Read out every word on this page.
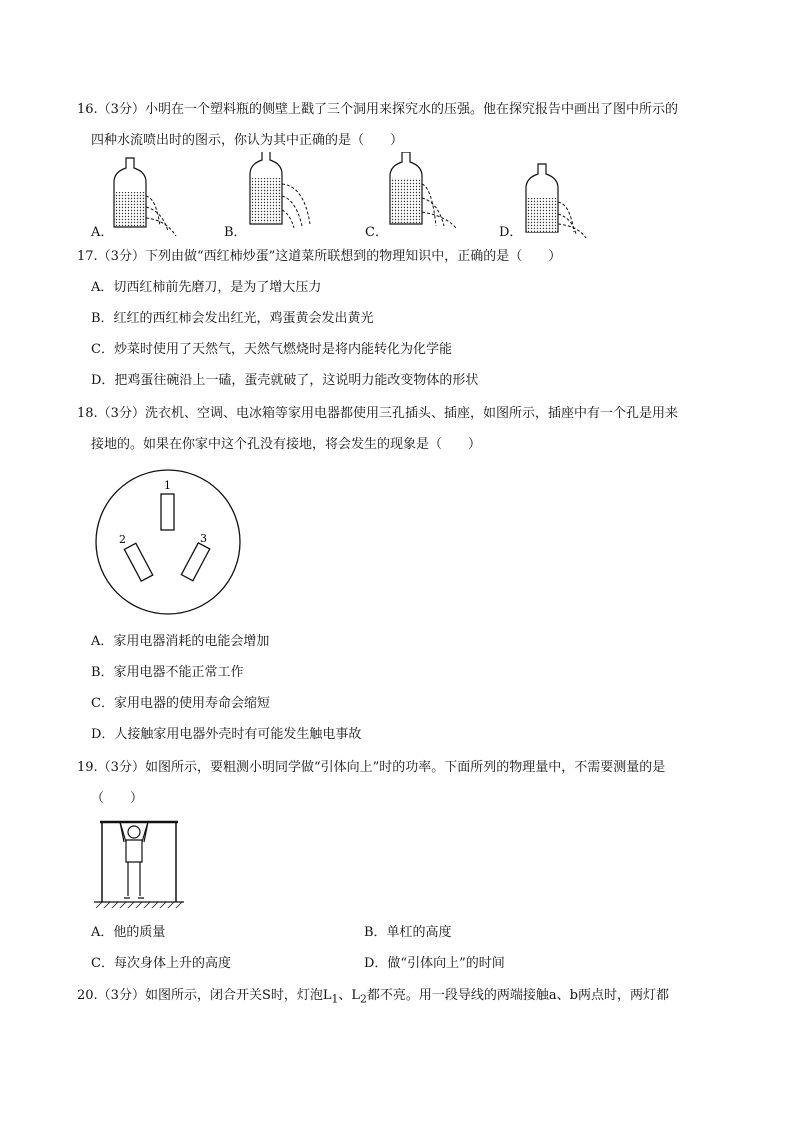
16.（3分）小明在一个塑料瓶的侧壁上戳了三个洞用来探究水的压强。他在探究报告中画出了图中所示的

四种水流喷出时的图示，你认为其中正确的是（　　）

A．	B．	C．	D．

17.（3分）下列由做“西红柿炒蛋”这道菜所联想到的物理知识中，正确的是（　　）

A．切西红柿前先磨刀，是为了增大压力
B．红红的西红柿会发出红光，鸡蛋黄会发出黄光
C．炒菜时使用了天然气，天然气燃烧时是将内能转化为化学能
D．把鸡蛋往碗沿上一磕，蛋壳就破了，这说明力能改变物体的形状

18.（3分）洗衣机、空调、电冰箱等家用电器都使用三孔插头、插座，如图所示，插座中有一个孔是用来

接地的。如果在你家中这个孔没有接地，将会发生的现象是（　　）

1
2	3
A．家用电器消耗的电能会增加
B．家用电器不能正常工作
C．家用电器的使用寿命会缩短
D．人接触家用电器外壳时有可能发生触电事故

19.（3分）如图所示，要粗测小明同学做“引体向上”时的功率。下面所列的物理量中，不需要测量的是

（　　）

A．他的质量	B．单杠的高度
C．每次身体上升的高度	D．做“引体向上”的时间

20.（3分）如图所示，闭合开关S时，灯泡$L_1$、$L_2$都不亮。用一段导线的两端接触a、b两点时，两灯都
